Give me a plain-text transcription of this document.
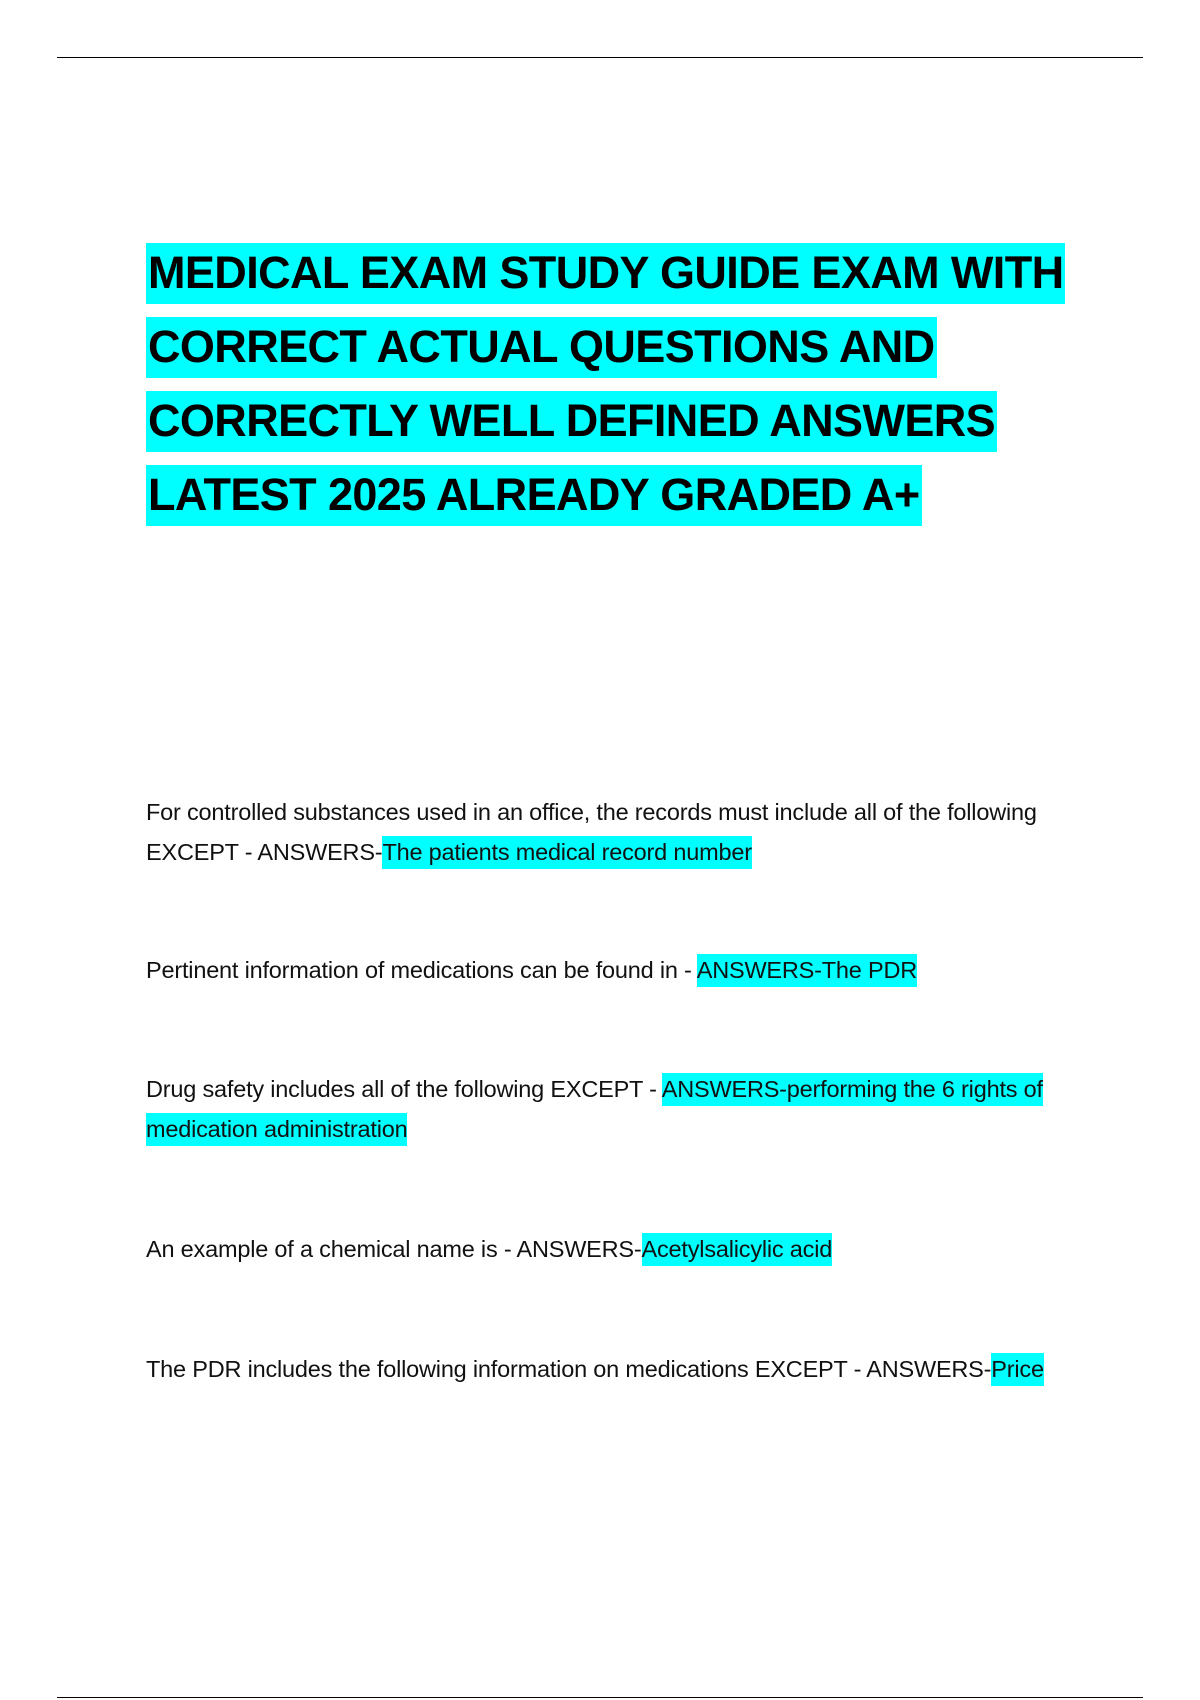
MEDICAL EXAM STUDY GUIDE EXAM WITH
CORRECT ACTUAL QUESTIONS AND
CORRECTLY WELL DEFINED ANSWERS
LATEST 2025 ALREADY GRADED A+

For controlled substances used in an office, the records must include all of the following EXCEPT - ANSWERS-The patients medical record number

Pertinent information of medications can be found in - ANSWERS-The PDR

Drug safety includes all of the following EXCEPT - ANSWERS-performing the 6 rights of medication administration

An example of a chemical name is - ANSWERS-Acetylsalicylic acid

The PDR includes the following information on medications EXCEPT - ANSWERS-Price
